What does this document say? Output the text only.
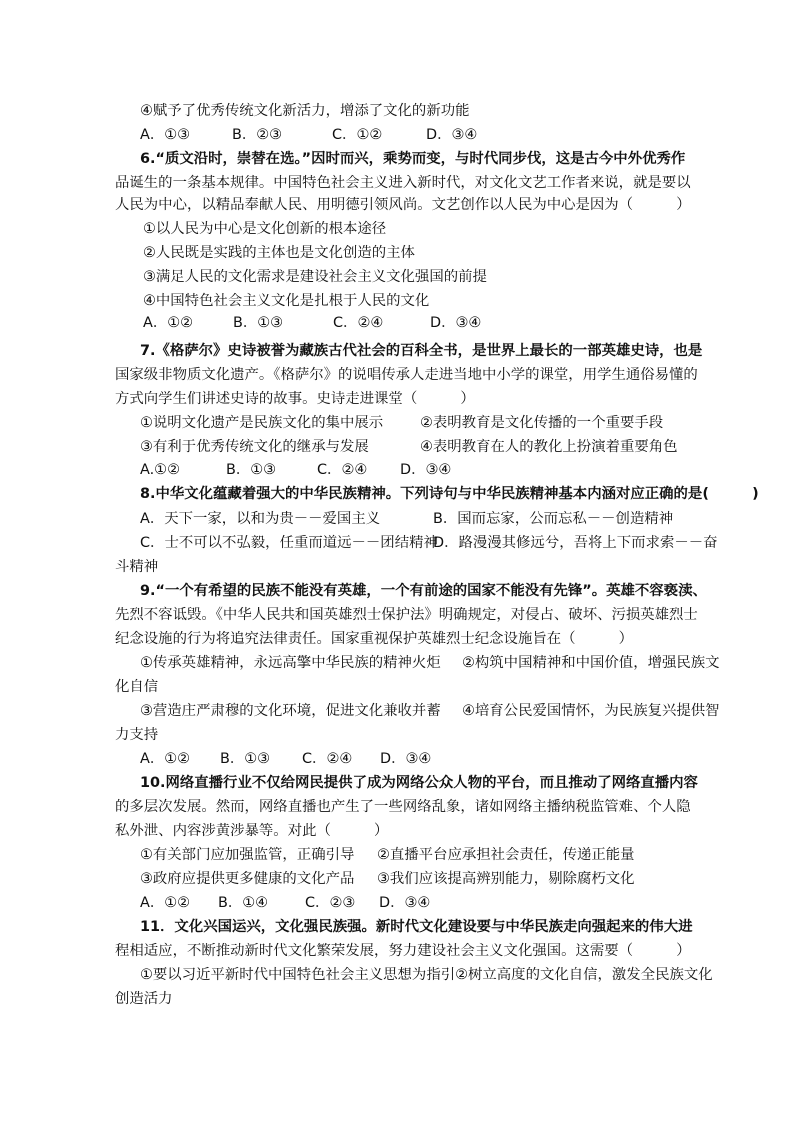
④赋予了优秀传统文化新活力，增添了文化的新功能
A．①③	B．②③	C．①②	D．③④
6.“质文沿时，崇替在选。”因时而兴，乘势而变，与时代同步伐，这是古今中外优秀作
品诞生的一条基本规律。中国特色社会主义进入新时代，对文化文艺工作者来说，就是要以
人民为中心，以精品奉献人民、用明德引领风尚。文艺创作以人民为中心是因为（　　　）
①以人民为中心是文化创新的根本途径
②人民既是实践的主体也是文化创造的主体
③满足人民的文化需求是建设社会主义文化强国的前提
④中国特色社会主义文化是扎根于人民的文化
A．①②	B．①③	C．②④	D．③④
7.《格萨尔》史诗被誉为藏族古代社会的百科全书，是世界上最长的一部英雄史诗，也是
国家级非物质文化遗产。《格萨尔》的说唱传承人走进当地中小学的课堂，用学生通俗易懂的
方式向学生们讲述史诗的故事。史诗走进课堂（　　　）
①说明文化遗产是民族文化的集中展示	②表明教育是文化传播的一个重要手段
③有利于优秀传统文化的继承与发展	④表明教育在人的教化上扮演着重要角色
A.①②	B．①③	C．②④ D．③④
8.中华文化蕴藏着强大的中华民族精神。下列诗句与中华民族精神基本内涵对应正确的是(　　　)
A．天下一家，以和为贵－－爱国主义	B．国而忘家，公而忘私－－创造精神
C．士不可以不弘毅，任重而道远－－团结精神
D．路漫漫其修远兮，吾将上下而求索－－奋
斗精神
9.“一个有希望的民族不能没有英雄，一个有前途的国家不能没有先锋”。英雄不容亵渎、
先烈不容诋毁。《中华人民共和国英雄烈士保护法》明确规定，对侵占、破坏、污损英雄烈士
纪念设施的行为将追究法律责任。国家重视保护英雄烈士纪念设施旨在（　　　）
①传承英雄精神，永远高擎中华民族的精神火炬 ②构筑中国精神和中国价值，增强民族文
化自信
③营造庄严肃穆的文化环境，促进文化兼收并蓄 ④培育公民爱国情怀，为民族复兴提供智
力支持
A．①② B．①③ C．②④ D．③④
10.网络直播行业不仅给网民提供了成为网络公众人物的平台，而且推动了网络直播内容
的多层次发展。然而，网络直播也产生了一些网络乱象，诸如网络主播纳税监管难、个人隐
私外泄、内容涉黄涉暴等。对此（　　　）
①有关部门应加强监管，正确引导 ②直播平台应承担社会责任，传递正能量
③政府应提供更多健康的文化产品 ③我们应该提高辨别能力，剔除腐朽文化
A．①② B．①④	C．②③ D．③④
11．文化兴国运兴，文化强民族强。新时代文化建设要与中华民族走向强起来的伟大进
程相适应，不断推动新时代文化繁荣发展，努力建设社会主义文化强国。这需要（　　　）
①要以习近平新时代中国特色社会主义思想为指引②树立高度的文化自信，激发全民族文化
创造活力
